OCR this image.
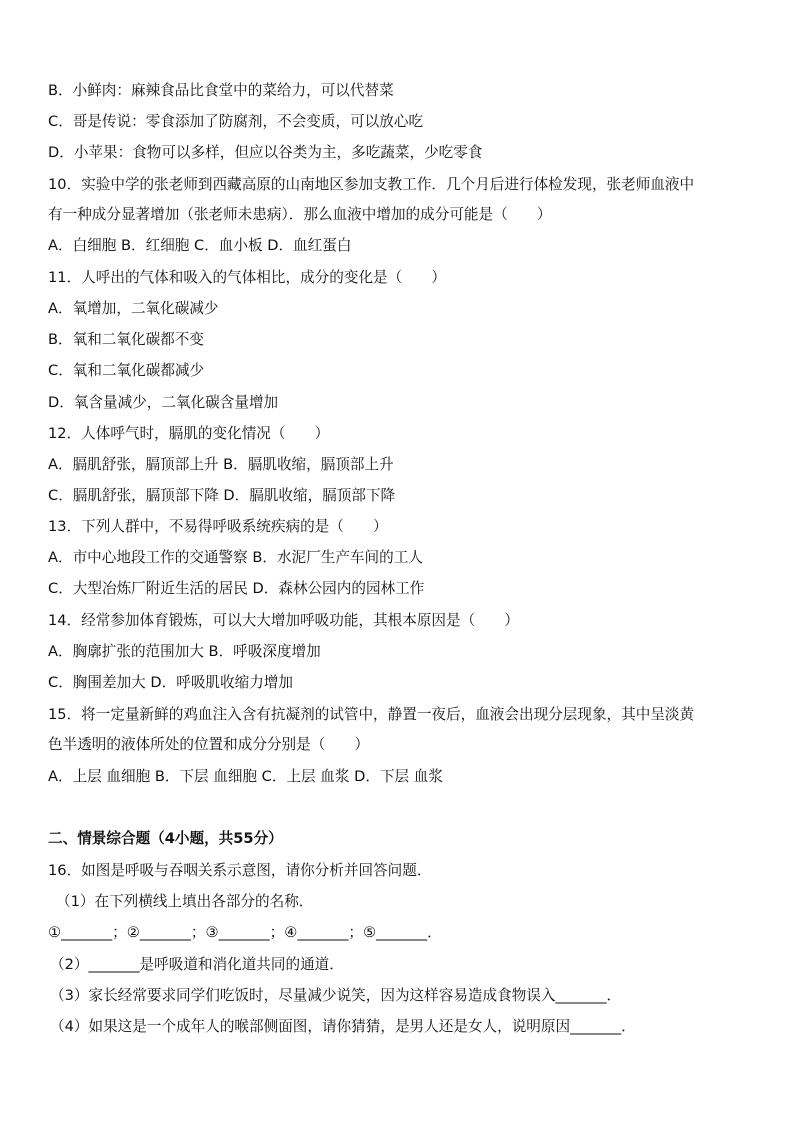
B．小鲜肉：麻辣食品比食堂中的菜给力，可以代替菜

C．哥是传说：零食添加了防腐剂，不会变质，可以放心吃

D．小苹果：食物可以多样，但应以谷类为主，多吃蔬菜，少吃零食

10．实验中学的张老师到西藏高原的山南地区参加支教工作．几个月后进行体检发现，张老师血液中

有一种成分显著增加（张老师未患病）．那么血液中增加的成分可能是（　　）

A．白细胞 B．红细胞 C．血小板 D．血红蛋白

11．人呼出的气体和吸入的气体相比，成分的变化是（　　）

A．氧增加，二氧化碳减少

B．氧和二氧化碳都不变

C．氧和二氧化碳都减少

D．氧含量减少，二氧化碳含量增加

12．人体呼气时，膈肌的变化情况（　　）

A．膈肌舒张，膈顶部上升 B．膈肌收缩，膈顶部上升

C．膈肌舒张，膈顶部下降 D．膈肌收缩，膈顶部下降

13．下列人群中，不易得呼吸系统疾病的是（　　）

A．市中心地段工作的交通警察 B．水泥厂生产车间的工人

C．大型冶炼厂附近生活的居民 D．森林公园内的园林工作

14．经常参加体育锻炼，可以大大增加呼吸功能，其根本原因是（　　）

A．胸廓扩张的范围加大 B．呼吸深度增加

C．胸围差加大 D．呼吸肌收缩力增加

15．将一定量新鲜的鸡血注入含有抗凝剂的试管中，静置一夜后，血液会出现分层现象，其中呈淡黄

色半透明的液体所处的位置和成分分别是（　　）

A．上层 血细胞 B．下层 血细胞 C．上层 血浆 D．下层 血浆

二、情景综合题（4小题，共55分）

16．如图是呼吸与吞咽关系示意图，请你分析并回答问题．

（1）在下列横线上填出各部分的名称．

①_______；②_______；③_______；④_______；⑤_______．

（2）_______是呼吸道和消化道共同的通道．

（3）家长经常要求同学们吃饭时，尽量减少说笑，因为这样容易造成食物误入_______．

（4）如果这是一个成年人的喉部侧面图，请你猜猜，是男人还是女人，说明原因_______．
